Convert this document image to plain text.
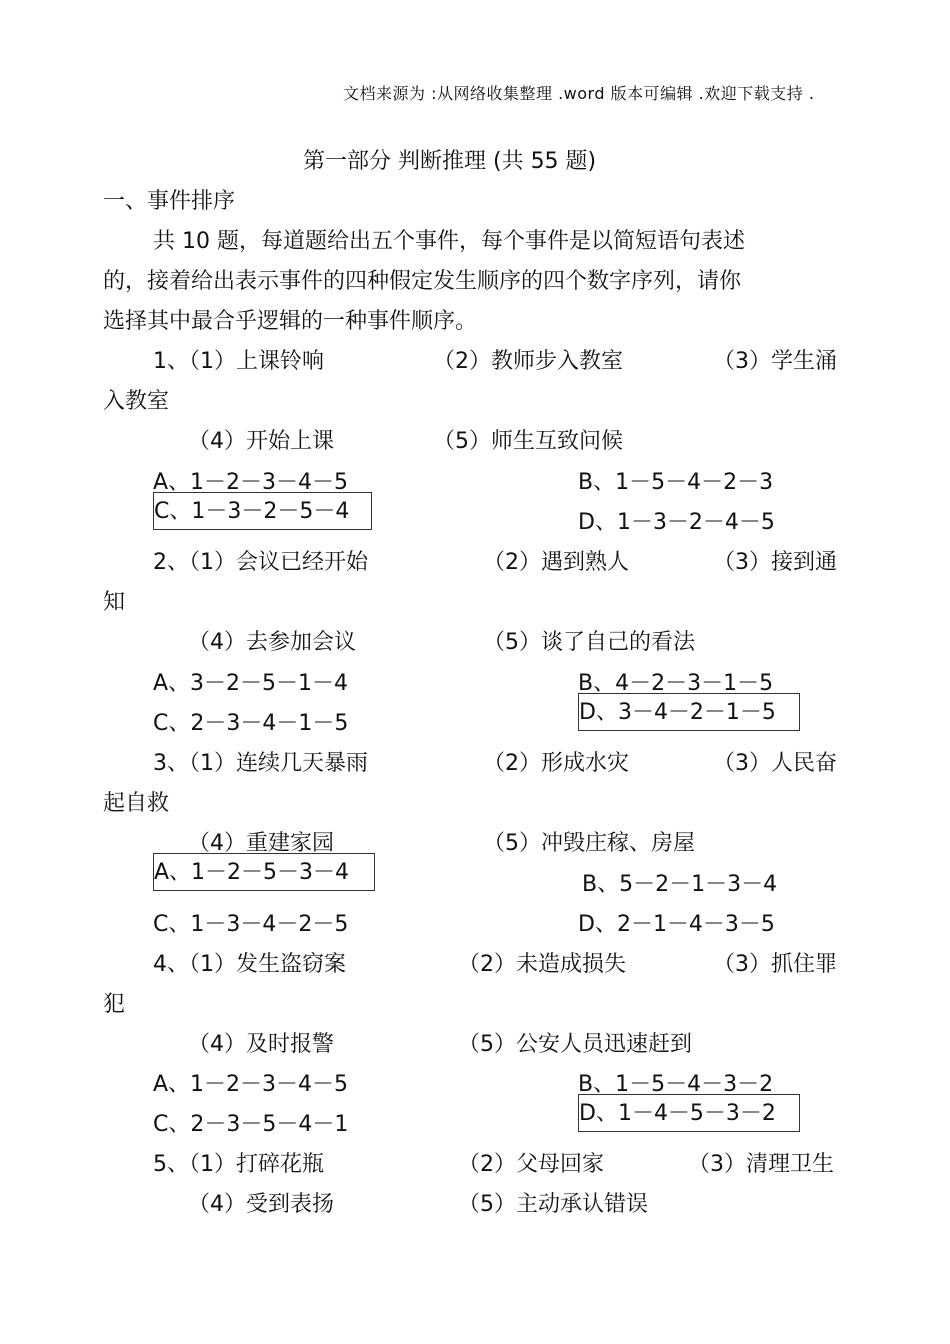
文档来源为 :从网络收集整理 .word 版本可编辑 .欢迎下载支持 .
第一部分 判断推理 (共 55 题)
一、事件排序
共 10 题，每道题给出五个事件，每个事件是以简短语句表述
的，接着给出表示事件的四种假定发生顺序的四个数字序列，请你
选择其中最合乎逻辑的一种事件顺序。
1、（1）上课铃响	（2）教师步入教室	（3）学生涌
入教室
（4）开始上课	（5）师生互致问候
A、1－2－3－4－5	B、1－5－4－2－3
C、1－3－2－5－4	D、1－3－2－4－5
2、（1）会议已经开始	（2）遇到熟人	（3）接到通
知
（4）去参加会议	（5）谈了自己的看法
A、3－2－5－1－4	B、4－2－3－1－5
C、2－3－4－1－5	D、3－4－2－1－5
3、（1）连续几天暴雨	（2）形成水灾	（3）人民奋
起自救
（4）重建家园	（5）冲毁庄稼、房屋
A、1－2－5－3－4	B、5－2－1－3－4
C、1－3－4－2－5	D、2－1－4－3－5
4、（1）发生盗窃案	（2）未造成损失	（3）抓住罪
犯
（4）及时报警	（5）公安人员迅速赶到
A、1－2－3－4－5	B、1－5－4－3－2
C、2－3－5－4－1	D、1－4－5－3－2
5、（1）打碎花瓶	（2）父母回家	（3）清理卫生
（4）受到表扬	（5）主动承认错误
